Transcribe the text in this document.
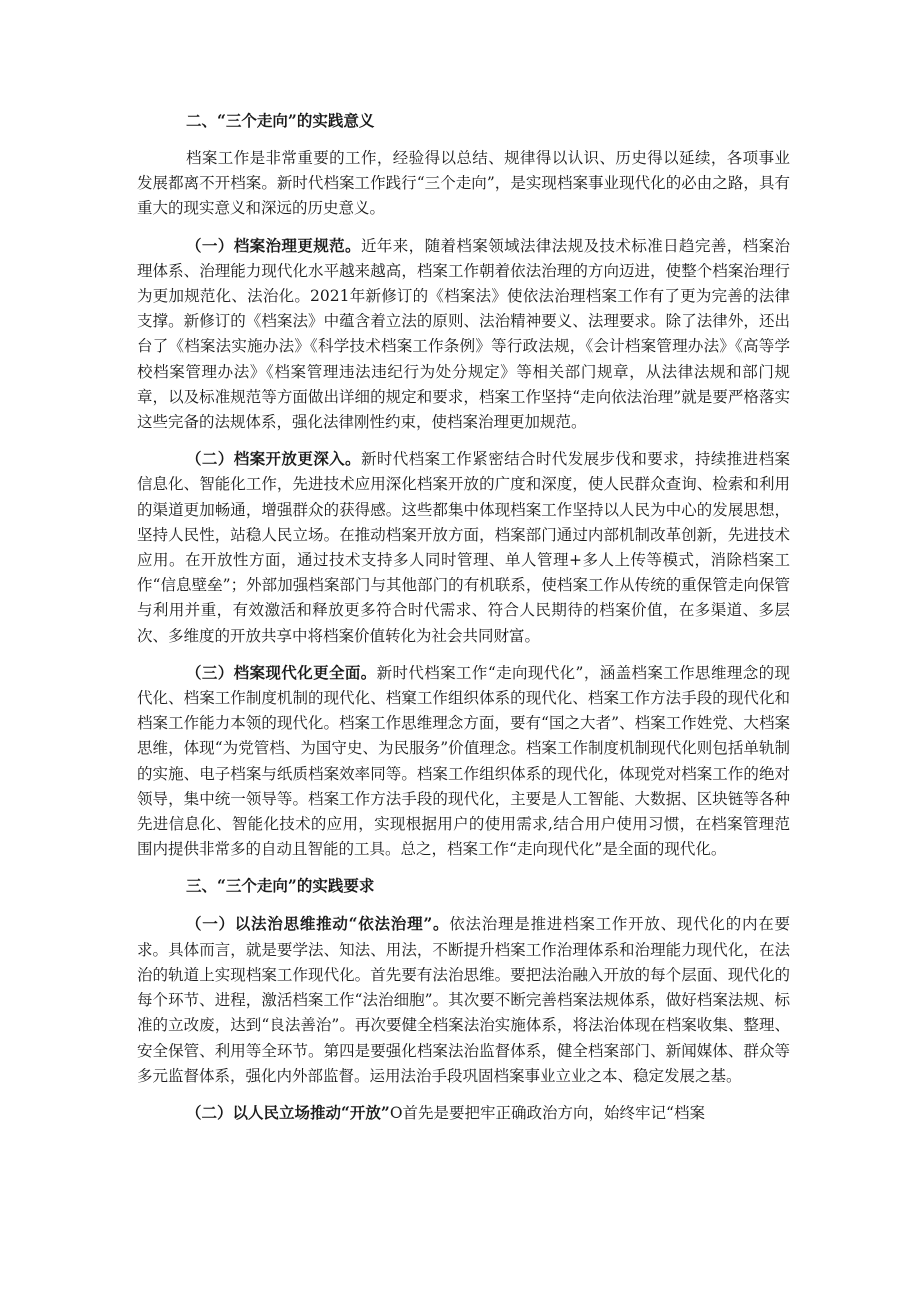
二、“三个走向”的实践意义

档案工作是非常重要的工作，经验得以总结、规律得以认识、历史得以延续，各项事业发展都离不开档案。新时代档案工作践行“三个走向”，是实现档案事业现代化的必由之路，具有重大的现实意义和深远的历史意义。

（一）档案治理更规范。近年来，随着档案领域法律法规及技术标准日趋完善，档案治理体系、治理能力现代化水平越来越高，档案工作朝着依法治理的方向迈进，使整个档案治理行为更加规范化、法治化。2021年新修订的《档案法》使依法治理档案工作有了更为完善的法律支撑。新修订的《档案法》中蕴含着立法的原则、法治精神要义、法理要求。除了法律外，还出台了《档案法实施办法》《科学技术档案工作条例》等行政法规，《会计档案管理办法》《高等学校档案管理办法》《档案管理违法违纪行为处分规定》等相关部门规章，从法律法规和部门规章，以及标准规范等方面做出详细的规定和要求，档案工作坚持“走向依法治理”就是要严格落实这些完备的法规体系，强化法律刚性约束，使档案治理更加规范。

（二）档案开放更深入。新时代档案工作紧密结合时代发展步伐和要求，持续推进档案信息化、智能化工作，先进技术应用深化档案开放的广度和深度，使人民群众查询、检索和利用的渠道更加畅通，增强群众的获得感。这些都集中体现档案工作坚持以人民为中心的发展思想，坚持人民性，站稳人民立场。在推动档案开放方面，档案部门通过内部机制改革创新，先进技术应用。在开放性方面，通过技术支持多人同时管理、单人管理+多人上传等模式，消除档案工作“信息壁垒”；外部加强档案部门与其他部门的有机联系，使档案工作从传统的重保管走向保管与利用并重，有效激活和释放更多符合时代需求、符合人民期待的档案价值，在多渠道、多层次、多维度的开放共享中将档案价值转化为社会共同财富。

（三）档案现代化更全面。新时代档案工作“走向现代化”，涵盖档案工作思维理念的现代化、档案工作制度机制的现代化、档窠工作组织体系的现代化、档案工作方法手段的现代化和档案工作能力本领的现代化。档案工作思维理念方面，要有“国之大者”、档案工作姓党、大档案思维，体现“为党管档、为国守史、为民服务”价值理念。档案工作制度机制现代化则包括单轨制的实施、电子档案与纸质档案效率同等。档案工作组织体系的现代化，体现党对档案工作的绝对领导，集中统一领导等。档案工作方法手段的现代化，主要是人工智能、大数据、区块链等各种先进信息化、智能化技术的应用，实现根据用户的使用需求,结合用户使用习惯，在档案管理范围内提供非常多的自动且智能的工具。总之，档案工作“走向现代化”是全面的现代化。

三、“三个走向”的实践要求

（一）以法治思维推动“依法治理”。依法治理是推进档案工作开放、现代化的内在要求。具体而言，就是要学法、知法、用法，不断提升档案工作治理体系和治理能力现代化，在法治的轨道上实现档案工作现代化。首先要有法治思维。要把法治融入开放的每个层面、现代化的每个环节、进程，激活档案工作“法治细胞”。其次要不断完善档案法规体系，做好档案法规、标准的立改废，达到“良法善治”。再次要健全档案法治实施体系，将法治体现在档案收集、整理、安全保管、利用等全环节。第四是要强化档案法治监督体系，健全档案部门、新闻媒体、群众等多元监督体系，强化内外部监督。运用法治手段巩固档案事业立业之本、稳定发展之基。

（二）以人民立场推动“开放”O首先是要把牢正确政治方向，始终牢记“档案
